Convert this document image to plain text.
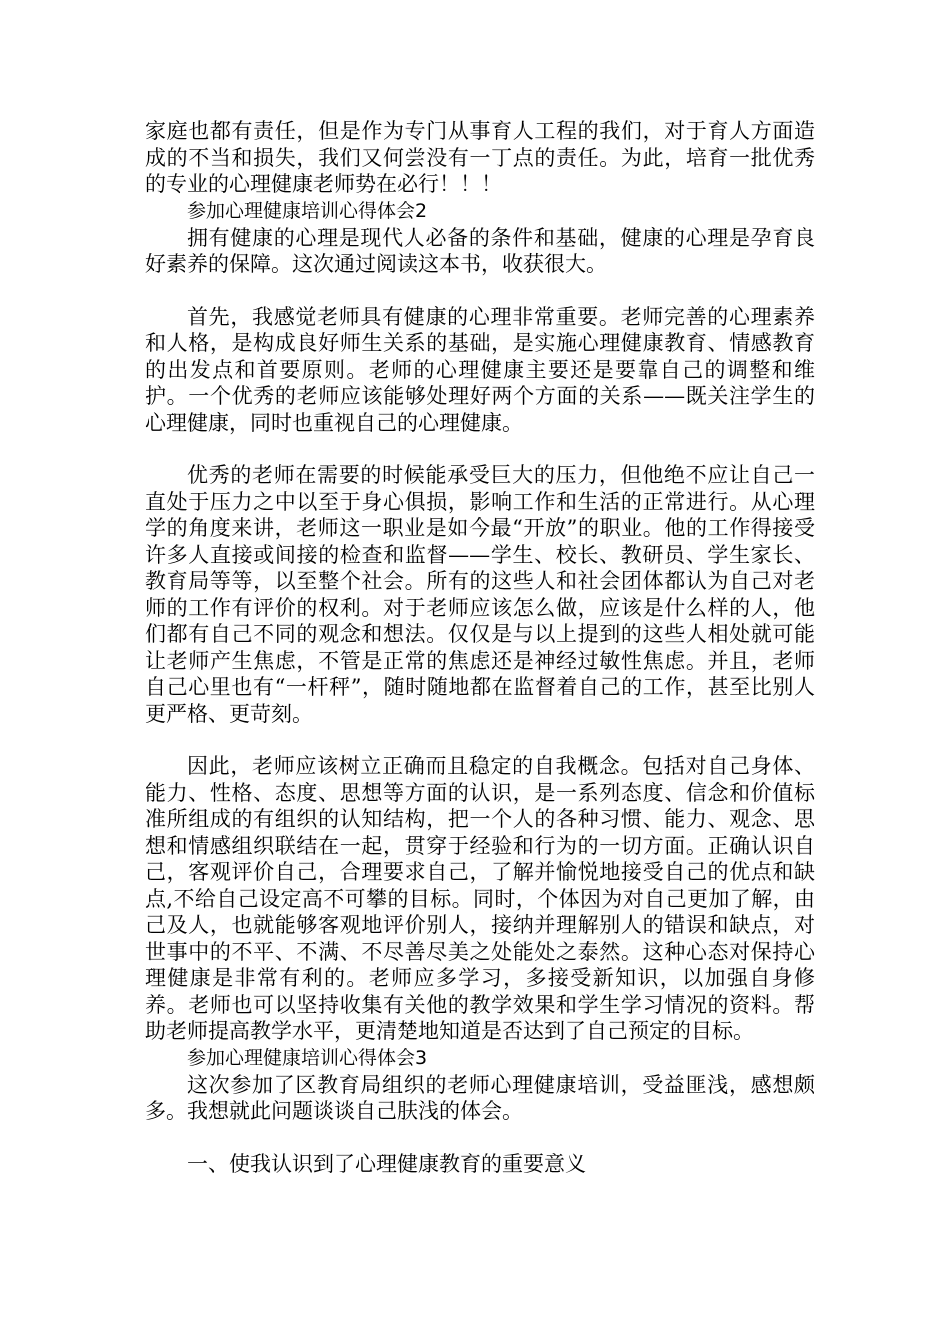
家庭也都有责任，但是作为专门从事育人工程的我们，对于育人方面造成的不当和损失，我们又何尝没有一丁点的责任。为此，培育一批优秀的专业的心理健康老师势在必行！！！

参加心理健康培训心得体会2

拥有健康的心理是现代人必备的条件和基础，健康的心理是孕育良好素养的保障。这次通过阅读这本书，收获很大。

首先，我感觉老师具有健康的心理非常重要。老师完善的心理素养和人格，是构成良好师生关系的基础，是实施心理健康教育、情感教育的出发点和首要原则。老师的心理健康主要还是要靠自己的调整和维护。一个优秀的老师应该能够处理好两个方面的关系——既关注学生的心理健康，同时也重视自己的心理健康。

优秀的老师在需要的时候能承受巨大的压力，但他绝不应让自己一直处于压力之中以至于身心俱损，影响工作和生活的正常进行。从心理学的角度来讲，老师这一职业是如今最“开放”的职业。他的工作得接受许多人直接或间接的检查和监督——学生、校长、教研员、学生家长、教育局等等，以至整个社会。所有的这些人和社会团体都认为自己对老师的工作有评价的权利。对于老师应该怎么做，应该是什么样的人，他们都有自己不同的观念和想法。仅仅是与以上提到的这些人相处就可能让老师产生焦虑，不管是正常的焦虑还是神经过敏性焦虑。并且，老师自己心里也有“一杆秤”，随时随地都在监督着自己的工作，甚至比别人更严格、更苛刻。

因此，老师应该树立正确而且稳定的自我概念。包括对自己身体、能力、性格、态度、思想等方面的认识，是一系列态度、信念和价值标准所组成的有组织的认知结构，把一个人的各种习惯、能力、观念、思想和情感组织联结在一起，贯穿于经验和行为的一切方面。正确认识自己，客观评价自己，合理要求自己，了解并愉悦地接受自己的优点和缺点,不给自己设定高不可攀的目标。同时，个体因为对自己更加了解，由己及人，也就能够客观地评价别人，接纳并理解别人的错误和缺点，对世事中的不平、不满、不尽善尽美之处能处之泰然。这种心态对保持心理健康是非常有利的。老师应多学习，多接受新知识，以加强自身修养。老师也可以坚持收集有关他的教学效果和学生学习情况的资料。帮助老师提高教学水平，更清楚地知道是否达到了自己预定的目标。

参加心理健康培训心得体会3

这次参加了区教育局组织的老师心理健康培训，受益匪浅，感想颇多。我想就此问题谈谈自己肤浅的体会。

一、使我认识到了心理健康教育的重要意义
